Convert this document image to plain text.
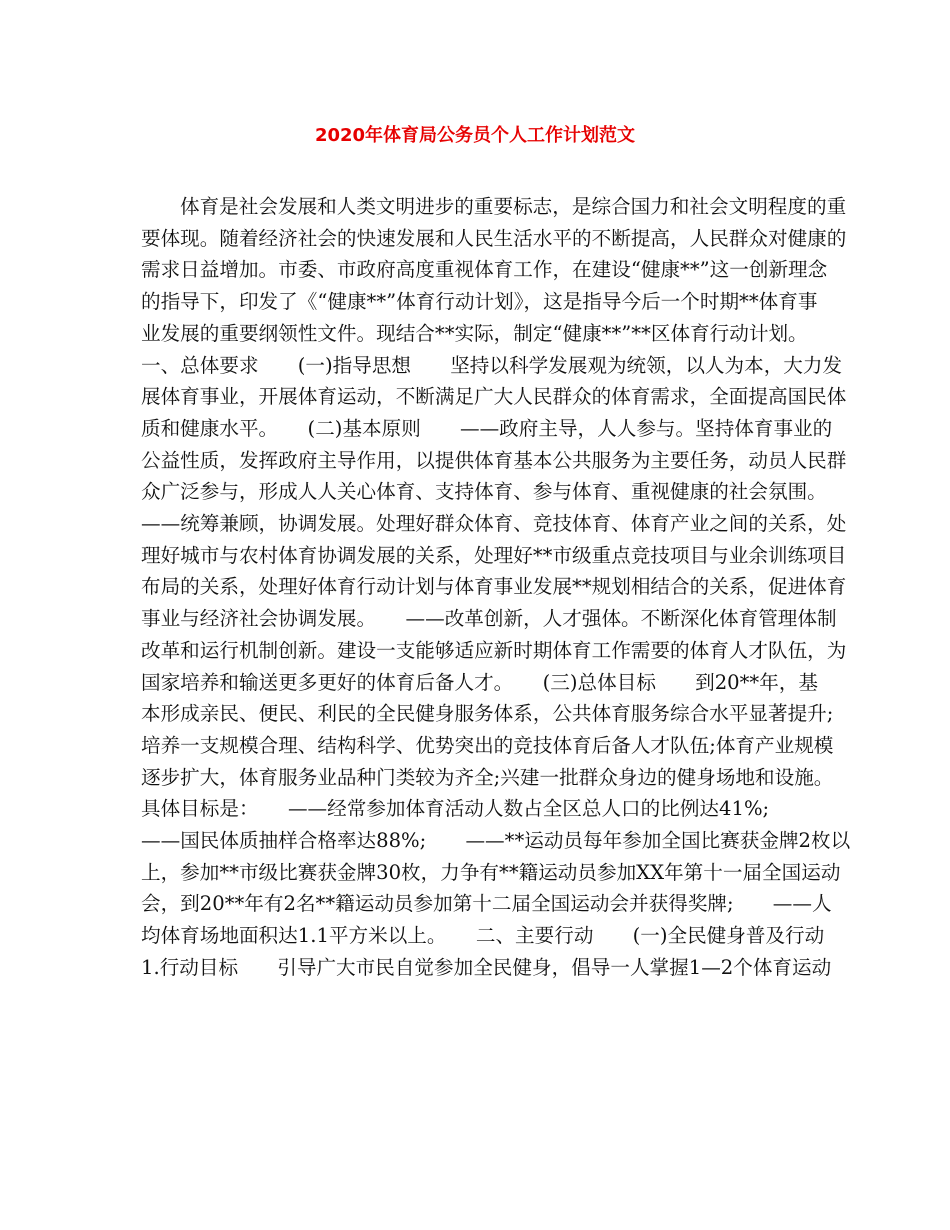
2020年体育局公务员个人工作计划范文
体育是社会发展和人类文明进步的重要标志，是综合国力和社会文明程度的重
要体现。随着经济社会的快速发展和人民生活水平的不断提高，人民群众对健康的
需求日益增加。市委、市政府高度重视体育工作，在建设“健康**”这一创新理念
的指导下，印发了《“健康**”体育行动计划》，这是指导今后一个时期**体育事
业发展的重要纲领性文件。现结合**实际，制定“健康**”**区体育行动计划。
一、总体要求　　(一)指导思想　　坚持以科学发展观为统领，以人为本，大力发
展体育事业，开展体育运动，不断满足广大人民群众的体育需求，全面提高国民体
质和健康水平。　　(二)基本原则　　——政府主导，人人参与。坚持体育事业的
公益性质，发挥政府主导作用，以提供体育基本公共服务为主要任务，动员人民群
众广泛参与，形成人人关心体育、支持体育、参与体育、重视健康的社会氛围。
——统筹兼顾，协调发展。处理好群众体育、竞技体育、体育产业之间的关系，处
理好城市与农村体育协调发展的关系，处理好**市级重点竞技项目与业余训练项目
布局的关系，处理好体育行动计划与体育事业发展**规划相结合的关系，促进体育
事业与经济社会协调发展。　　——改革创新，人才强体。不断深化体育管理体制
改革和运行机制创新。建设一支能够适应新时期体育工作需要的体育人才队伍，为
国家培养和输送更多更好的体育后备人才。　　(三)总体目标　　到20**年，基
本形成亲民、便民、利民的全民健身服务体系，公共体育服务综合水平显著提升;
培养一支规模合理、结构科学、优势突出的竞技体育后备人才队伍;体育产业规模
逐步扩大，体育服务业品种门类较为齐全;兴建一批群众身边的健身场地和设施。
具体目标是：　　——经常参加体育活动人数占全区总人口的比例达41%;
——国民体质抽样合格率达88%;　　——**运动员每年参加全国比赛获金牌2枚以
上，参加**市级比赛获金牌30枚，力争有**籍运动员参加XX年第十一届全国运动
会，到20**年有2名**籍运动员参加第十二届全国运动会并获得奖牌;　　——人
均体育场地面积达1.1平方米以上。　　二、主要行动　　(一)全民健身普及行动
1.行动目标　　引导广大市民自觉参加全民健身，倡导一人掌握1—2个体育运动
